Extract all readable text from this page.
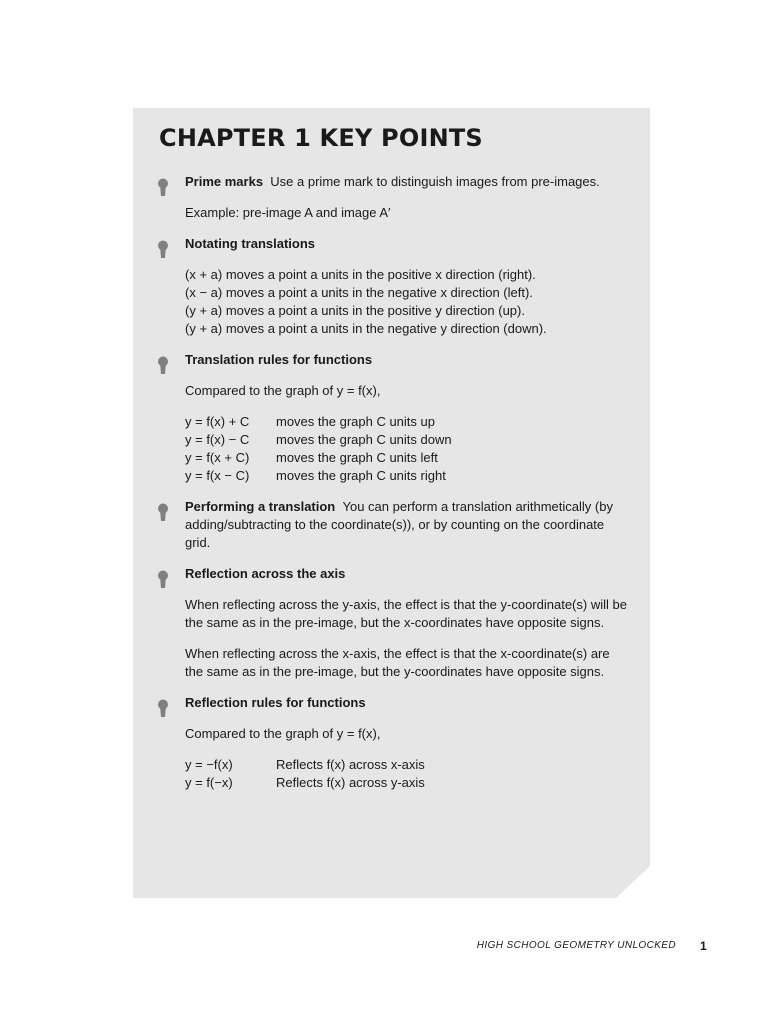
CHAPTER 1 KEY POINTS

Prime marks Use a prime mark to distinguish images from pre-images.

Example: pre-image A and image A′

Notating translations

(x + a) moves a point a units in the positive x direction (right).

(x − a) moves a point a units in the negative x direction (left).

(y + a) moves a point a units in the positive y direction (up).

(y + a) moves a point a units in the negative y direction (down).

Translation rules for functions

Compared to the graph of y = f(x),

y = f(x) + C	moves the graph C units up
y = f(x) − C	moves the graph C units down
y = f(x + C)	moves the graph C units left
y = f(x − C)	moves the graph C units right

Performing a translation You can perform a translation arithmetically (by adding/subtracting to the coordinate(s)), or by counting on the coordinate grid.

Reflection across the axis

When reflecting across the y-axis, the effect is that the y-coordinate(s) will be the same as in the pre-image, but the x-coordinates have opposite signs.

When reflecting across the x-axis, the effect is that the x-coordinate(s) are the same as in the pre-image, but the y-coordinates have opposite signs.

Reflection rules for functions

Compared to the graph of y = f(x),

y = −f(x)	Reflects f(x) across x-axis
y = f(−x)	Reflects f(x) across y-axis
HIGH SCHOOL GEOMETRY UNLOCKED 1
